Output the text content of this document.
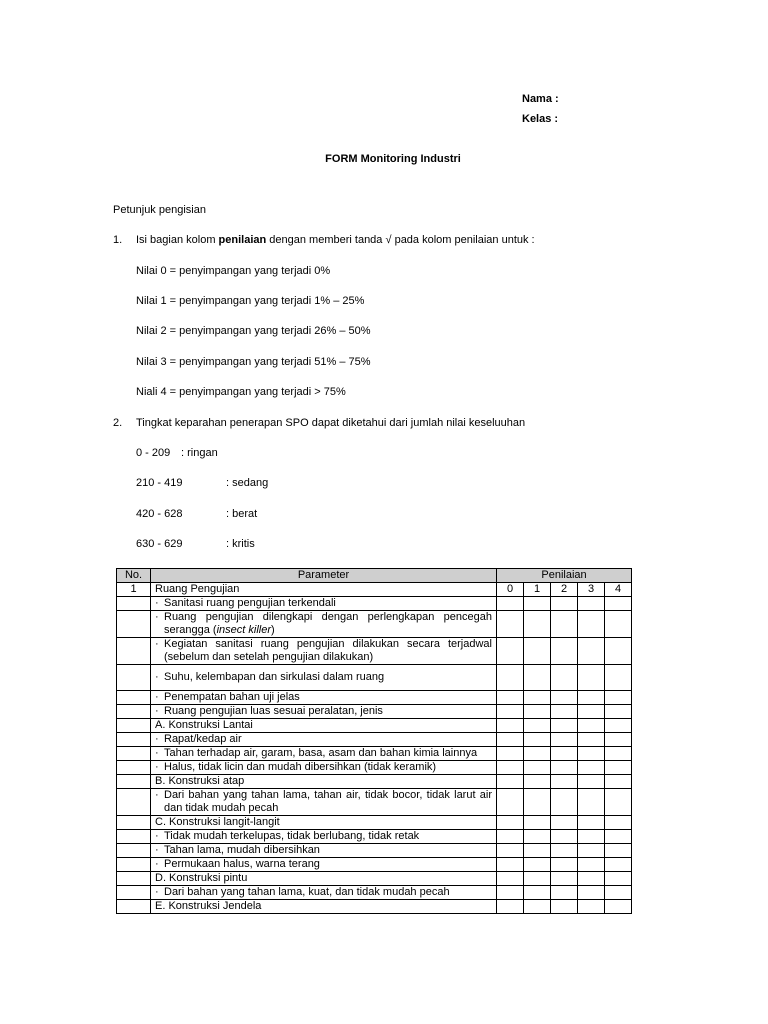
Nama :
Kelas :
FORM Monitoring Industri
Petunjuk pengisian
1. Isi bagian kolom penilaian dengan memberi tanda √ pada kolom penilaian untuk :
Nilai 0 = penyimpangan yang terjadi 0%
Nilai 1 = penyimpangan yang terjadi 1% – 25%
Nilai 2 = penyimpangan yang terjadi 26% – 50%
Nilai 3 = penyimpangan yang terjadi 51% – 75%
Niali 4 = penyimpangan yang terjadi > 75%
2. Tingkat keparahan penerapan SPO dapat diketahui dari jumlah nilai keseluuhan
0 - 209 : ringan
210 - 419	: sedang
420 - 628	: berat
630 - 629	: kritis
No.	Parameter	Penilaian				
1	Ruang Pengujian	0	1	2	3	4

	· Sanitasi ruang pengujian terkendali					

	· Ruang pengujian dilengkapi dengan perlengkapan pencegah serangga (insect killer)					

	· Kegiatan sanitasi ruang pengujian dilakukan secara terjadwal (sebelum dan setelah pengujian dilakukan)					

	· Suhu, kelembapan dan sirkulasi dalam ruang					

	· Penempatan bahan uji jelas					

	· Ruang pengujian luas sesuai peralatan, jenis					

	A. Konstruksi Lantai					

	· Rapat/kedap air					

	· Tahan terhadap air, garam, basa, asam dan bahan kimia lainnya					

	· Halus, tidak licin dan mudah dibersihkan (tidak keramik)					

	B. Konstruksi atap					

	· Dari bahan yang tahan lama, tahan air, tidak bocor, tidak larut air dan tidak mudah pecah					

	C. Konstruksi langit-langit					

	· Tidak mudah terkelupas, tidak berlubang, tidak retak					

	· Tahan lama, mudah dibersihkan					

	· Permukaan halus, warna terang					

	D. Konstruksi pintu					

	· Dari bahan yang tahan lama, kuat, dan tidak mudah pecah					

	E. Konstruksi Jendela					
